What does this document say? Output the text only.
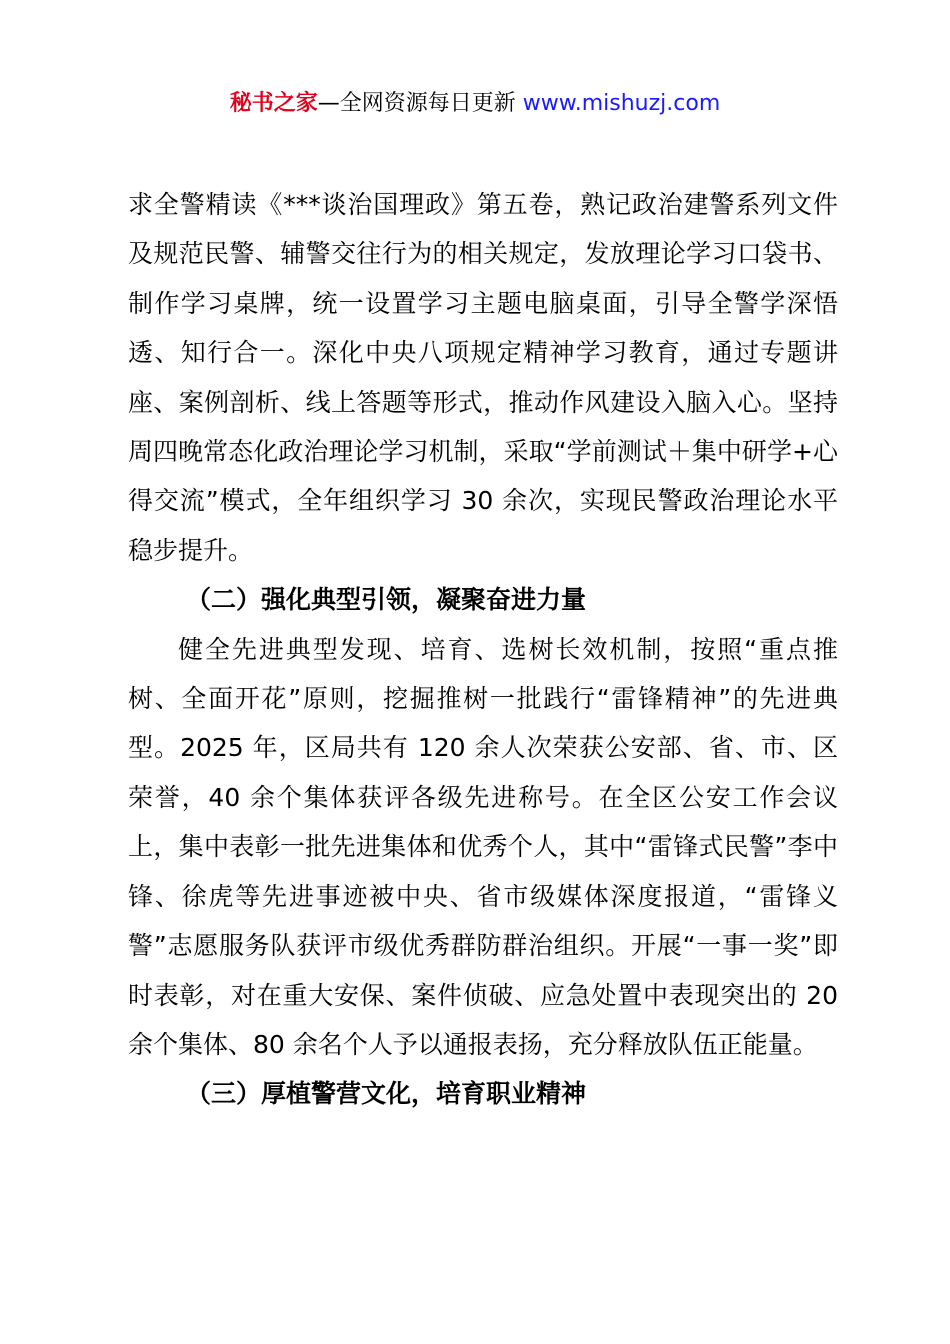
秘书之家—全网资源每日更新 www.mishuzj.com

求全警精读《***谈治国理政》第五卷，熟记政治建警系列文件及规范民警、辅警交往行为的相关规定，发放理论学习口袋书、制作学习桌牌，统一设置学习主题电脑桌面，引导全警学深悟透、知行合一。深化中央八项规定精神学习教育，通过专题讲座、案例剖析、线上答题等形式，推动作风建设入脑入心。坚持周四晚常态化政治理论学习机制，采取“学前测试＋集中研学+心得交流”模式，全年组织学习 30 余次，实现民警政治理论水平稳步提升。

（二）强化典型引领，凝聚奋进力量

健全先进典型发现、培育、选树长效机制，按照“重点推树、全面开花”原则，挖掘推树一批践行“雷锋精神”的先进典型。2025 年，区局共有 120 余人次荣获公安部、省、市、区荣誉，40 余个集体获评各级先进称号。在全区公安工作会议上，集中表彰一批先进集体和优秀个人，其中“雷锋式民警”李中锋、徐虎等先进事迹被中央、省市级媒体深度报道，“雷锋义警”志愿服务队获评市级优秀群防群治组织。开展“一事一奖”即时表彰，对在重大安保、案件侦破、应急处置中表现突出的 20 余个集体、80 余名个人予以通报表扬，充分释放队伍正能量。

（三）厚植警营文化，培育职业精神
